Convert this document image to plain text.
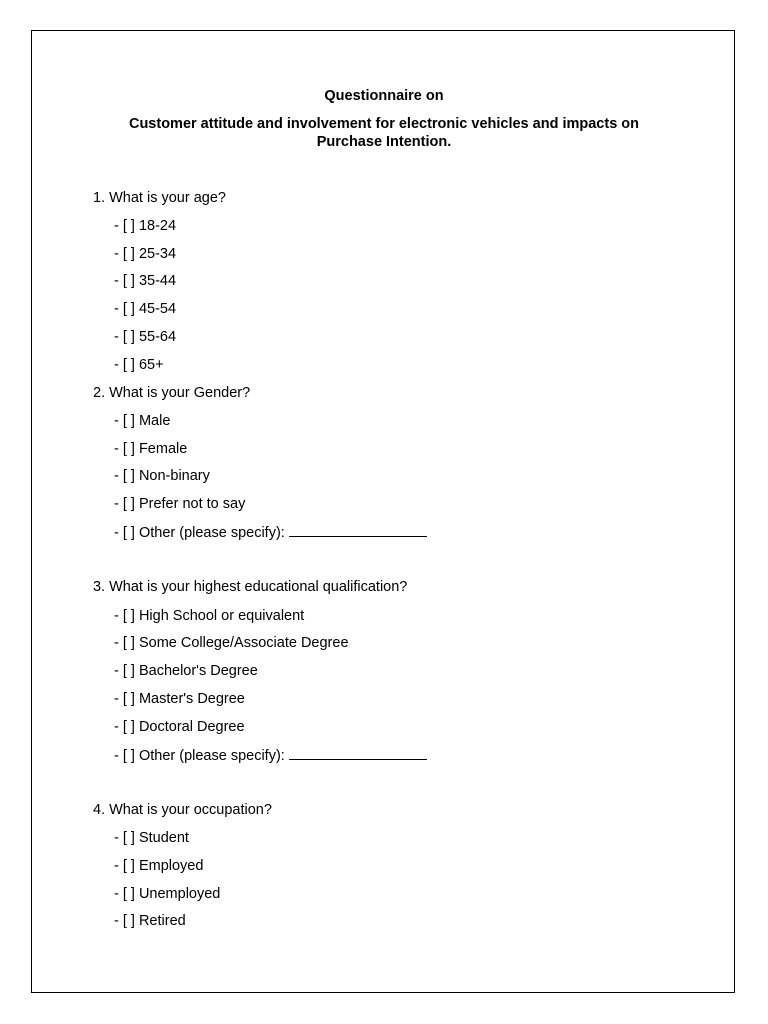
Questionnaire on
Customer attitude and involvement for electronic vehicles and impacts on
Purchase Intention.
1. What is your age?
- [ ] 18-24
- [ ] 25-34
- [ ] 35-44
- [ ] 45-54
- [ ] 55-64
- [ ] 65+
2. What is your Gender?
- [ ] Male
- [ ] Female
- [ ] Non-binary
- [ ] Prefer not to say
- [ ] Other (please specify):
3. What is your highest educational qualification?
- [ ] High School or equivalent
- [ ] Some College/Associate Degree
- [ ] Bachelor's Degree
- [ ] Master's Degree
- [ ] Doctoral Degree
- [ ] Other (please specify):
4. What is your occupation?
- [ ] Student
- [ ] Employed
- [ ] Unemployed
- [ ] Retired
